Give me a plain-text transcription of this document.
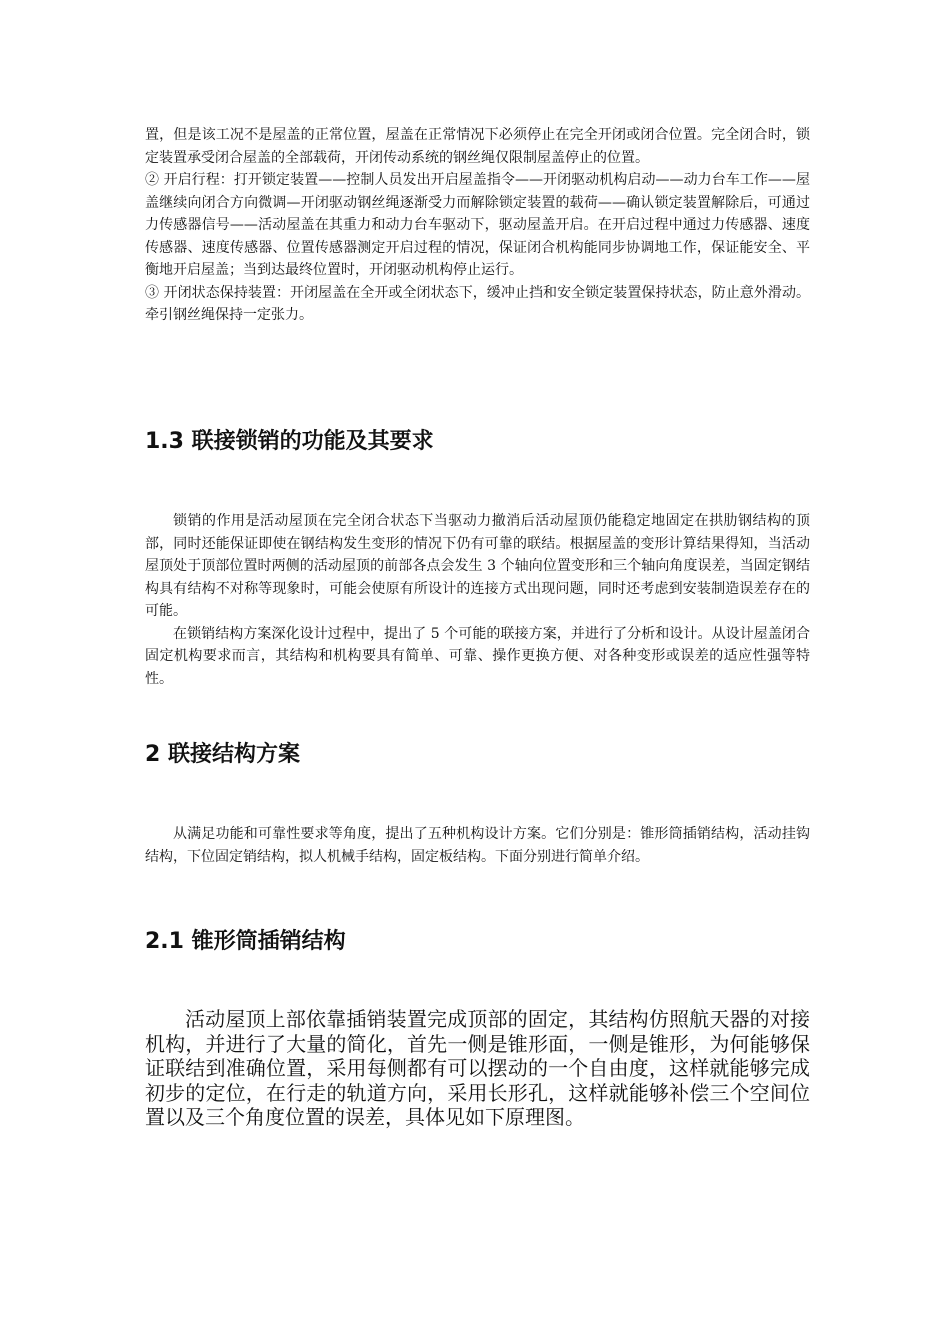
置，但是该工况不是屋盖的正常位置，屋盖在正常情况下必须停止在完全开闭或闭合位置。完全闭合时，锁定装置承受闭合屋盖的全部载荷，开闭传动系统的钢丝绳仅限制屋盖停止的位置。

② 开启行程：打开锁定装置——控制人员发出开启屋盖指令——开闭驱动机构启动——动力台车工作——屋盖继续向闭合方向微调—开闭驱动钢丝绳逐渐受力而解除锁定装置的载荷——确认锁定装置解除后，可通过力传感器信号——活动屋盖在其重力和动力台车驱动下，驱动屋盖开启。在开启过程中通过力传感器、速度传感器、速度传感器、位置传感器测定开启过程的情况，保证闭合机构能同步协调地工作，保证能安全、平衡地开启屋盖；当到达最终位置时，开闭驱动机构停止运行。

③ 开闭状态保持装置：开闭屋盖在全开或全闭状态下，缓冲止挡和安全锁定装置保持状态，防止意外滑动。牵引钢丝绳保持一定张力。

1.3 联接锁销的功能及其要求

锁销的作用是活动屋顶在完全闭合状态下当驱动力撤消后活动屋顶仍能稳定地固定在拱肋钢结构的顶部，同时还能保证即使在钢结构发生变形的情况下仍有可靠的联结。根据屋盖的变形计算结果得知，当活动屋顶处于顶部位置时两侧的活动屋顶的前部各点会发生 3 个轴向位置变形和三个轴向角度误差，当固定钢结构具有结构不对称等现象时，可能会使原有所设计的连接方式出现问题，同时还考虑到安装制造误差存在的可能。

在锁销结构方案深化设计过程中，提出了 5 个可能的联接方案，并进行了分析和设计。从设计屋盖闭合固定机构要求而言，其结构和机构要具有简单、可靠、操作更换方便、对各种变形或误差的适应性强等特性。

2 联接结构方案

从满足功能和可靠性要求等角度，提出了五种机构设计方案。它们分别是：锥形筒插销结构，活动挂钩结构，下位固定销结构，拟人机械手结构，固定板结构。下面分别进行简单介绍。

2.1 锥形筒插销结构

活动屋顶上部依靠插销装置完成顶部的固定，其结构仿照航天器的对接机构，并进行了大量的简化，首先一侧是锥形面，一侧是锥形，为何能够保证联结到准确位置，采用每侧都有可以摆动的一个自由度，这样就能够完成初步的定位，在行走的轨道方向，采用长形孔，这样就能够补偿三个空间位置以及三个角度位置的误差，具体见如下原理图。
